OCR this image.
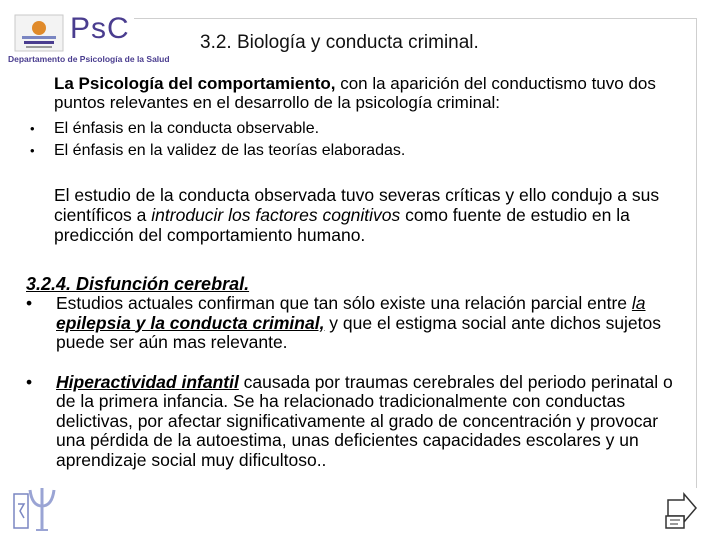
PsC
Departamento de Psicología de la Salud
3.2. Biología y conducta criminal.
La Psicología del comportamiento, con la aparición del conductismo tuvo dos puntos relevantes en el desarrollo de la psicología criminal:
•	El énfasis en la conducta observable.
•	El énfasis en la validez de las teorías elaboradas.
El estudio de la conducta observada tuvo severas críticas y ello condujo a sus científicos a introducir los factores cognitivos como fuente de estudio en la predicción del comportamiento humano.
3.2.4. Disfunción cerebral.
•	Estudios actuales confirman que tan sólo existe una relación parcial entre la epilepsia y la conducta criminal, y que el estigma social ante dichos sujetos puede ser aún mas relevante.
•	Hiperactividad infantil causada por traumas cerebrales del periodo perinatal o de la primera infancia. Se ha relacionado tradicionalmente con conductas delictivas, por afectar significativamente al grado de concentración y provocar una pérdida de la autoestima, unas deficientes capacidades escolares y un aprendizaje social muy dificultoso..
